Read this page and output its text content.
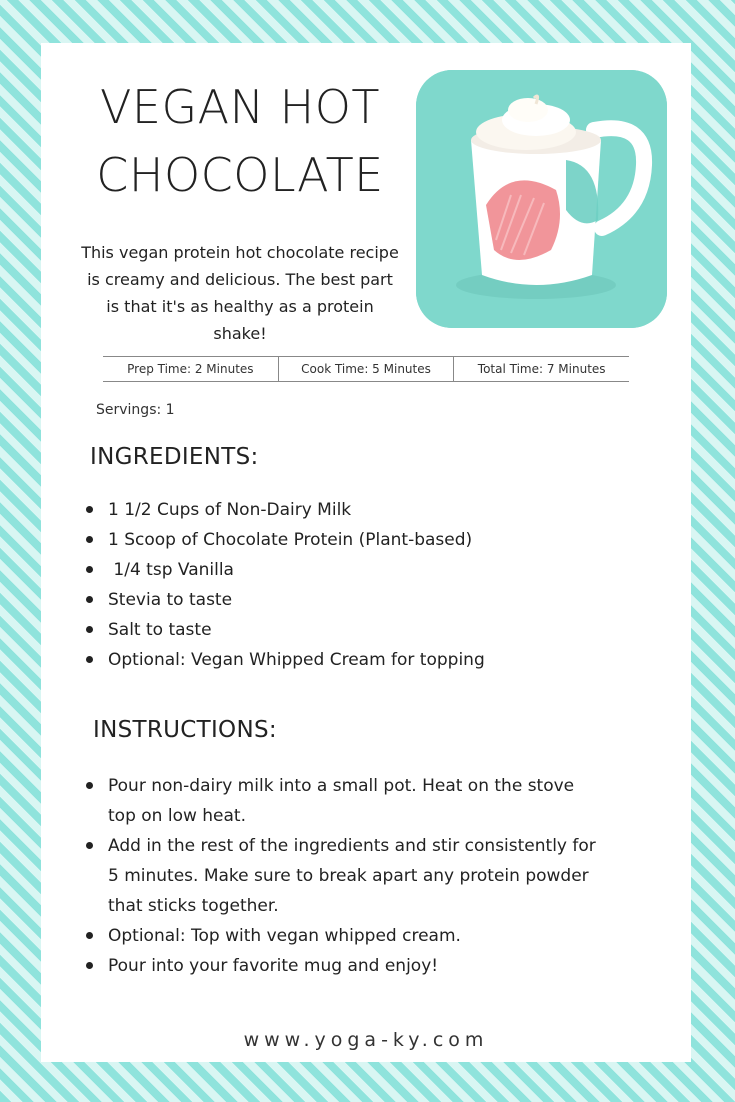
VEGAN HOT
CHOCOLATE

This vegan protein hot chocolate recipe is creamy and delicious. The best part is that it's as healthy as a protein shake!

Prep Time: 2 Minutes	Cook Time: 5 Minutes	Total Time: 7 Minutes
Servings: 1
INGREDIENTS:
1 1/2 Cups of Non-Dairy Milk
1 Scoop of Chocolate Protein (Plant-based)
1/4 tsp Vanilla
Stevia to taste
Salt to taste
Optional: Vegan Whipped Cream for topping
INSTRUCTIONS:
Pour non-dairy milk into a small pot. Heat on the stove top on low heat.
Add in the rest of the ingredients and stir consistently for 5 minutes. Make sure to break apart any protein powder that sticks together.
Optional: Top with vegan whipped cream.
Pour into your favorite mug and enjoy!
www.yoga-ky.com
